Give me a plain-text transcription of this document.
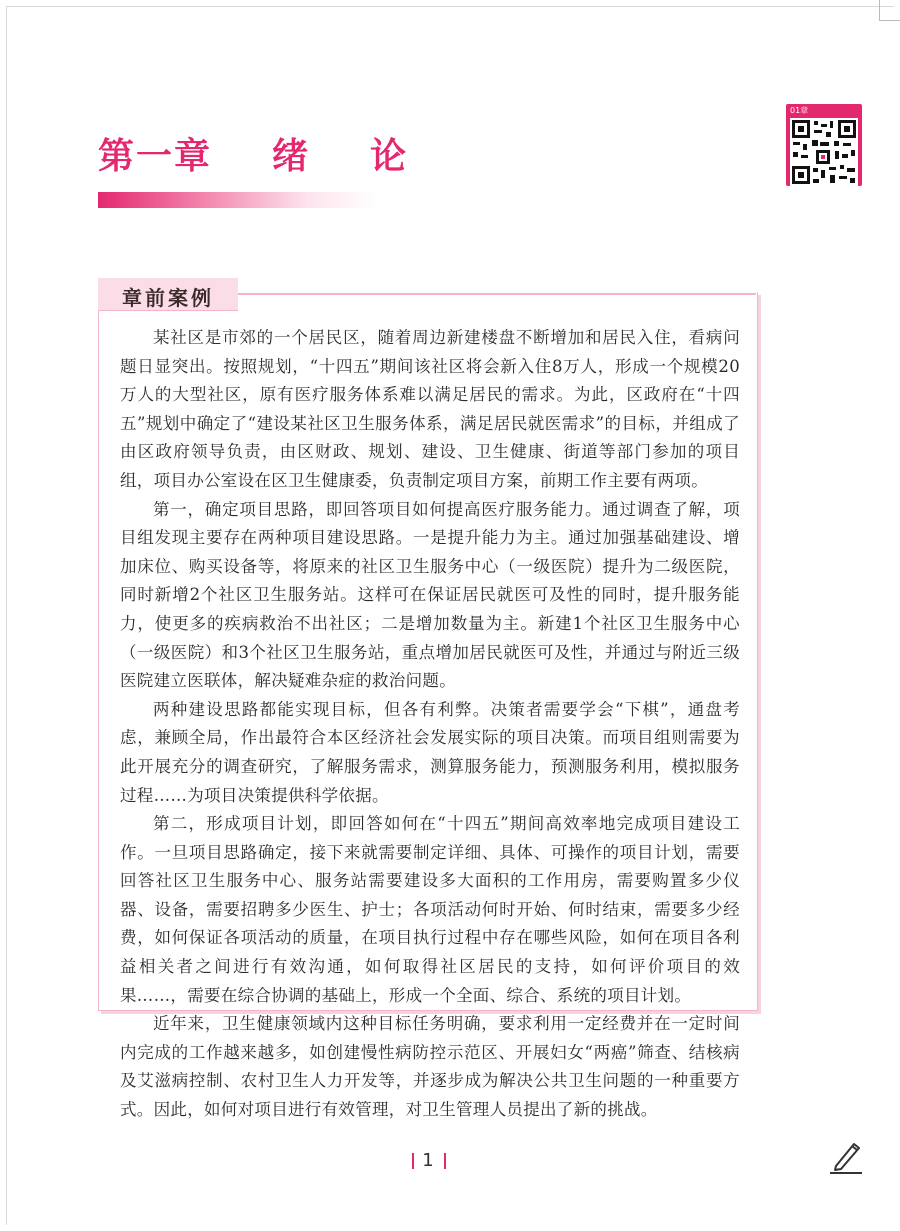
第一章 绪 论
01章
章前案例

某社区是市郊的一个居民区，随着周边新建楼盘不断增加和居民入住，看病问题日显突出。按照规划，“十四五”期间该社区将会新入住8万人，形成一个规模20万人的大型社区，原有医疗服务体系难以满足居民的需求。为此，区政府在“十四五”规划中确定了“建设某社区卫生服务体系，满足居民就医需求”的目标，并组成了由区政府领导负责，由区财政、规划、建设、卫生健康、街道等部门参加的项目组，项目办公室设在区卫生健康委，负责制定项目方案，前期工作主要有两项。

第一，确定项目思路，即回答项目如何提高医疗服务能力。通过调查了解，项目组发现主要存在两种项目建设思路。一是提升能力为主。通过加强基础建设、增加床位、购买设备等，将原来的社区卫生服务中心（一级医院）提升为二级医院，同时新增2个社区卫生服务站。这样可在保证居民就医可及性的同时，提升服务能力，使更多的疾病救治不出社区；二是增加数量为主。新建1个社区卫生服务中心（一级医院）和3个社区卫生服务站，重点增加居民就医可及性，并通过与附近三级医院建立医联体，解决疑难杂症的救治问题。

两种建设思路都能实现目标，但各有利弊。决策者需要学会“下棋”，通盘考虑，兼顾全局，作出最符合本区经济社会发展实际的项目决策。而项目组则需要为此开展充分的调查研究，了解服务需求，测算服务能力，预测服务利用，模拟服务过程……为项目决策提供科学依据。

第二，形成项目计划，即回答如何在“十四五”期间高效率地完成项目建设工作。一旦项目思路确定，接下来就需要制定详细、具体、可操作的项目计划，需要回答社区卫生服务中心、服务站需要建设多大面积的工作用房，需要购置多少仪器、设备，需要招聘多少医生、护士；各项活动何时开始、何时结束，需要多少经费，如何保证各项活动的质量，在项目执行过程中存在哪些风险，如何在项目各利益相关者之间进行有效沟通，如何取得社区居民的支持，如何评价项目的效果……，需要在综合协调的基础上，形成一个全面、综合、系统的项目计划。

近年来，卫生健康领域内这种目标任务明确，要求利用一定经费并在一定时间内完成的工作越来越多，如创建慢性病防控示范区、开展妇女“两癌”筛查、结核病及艾滋病控制、农村卫生人力开发等，并逐步成为解决公共卫生问题的一种重要方式。因此，如何对项目进行有效管理，对卫生管理人员提出了新的挑战。

1
